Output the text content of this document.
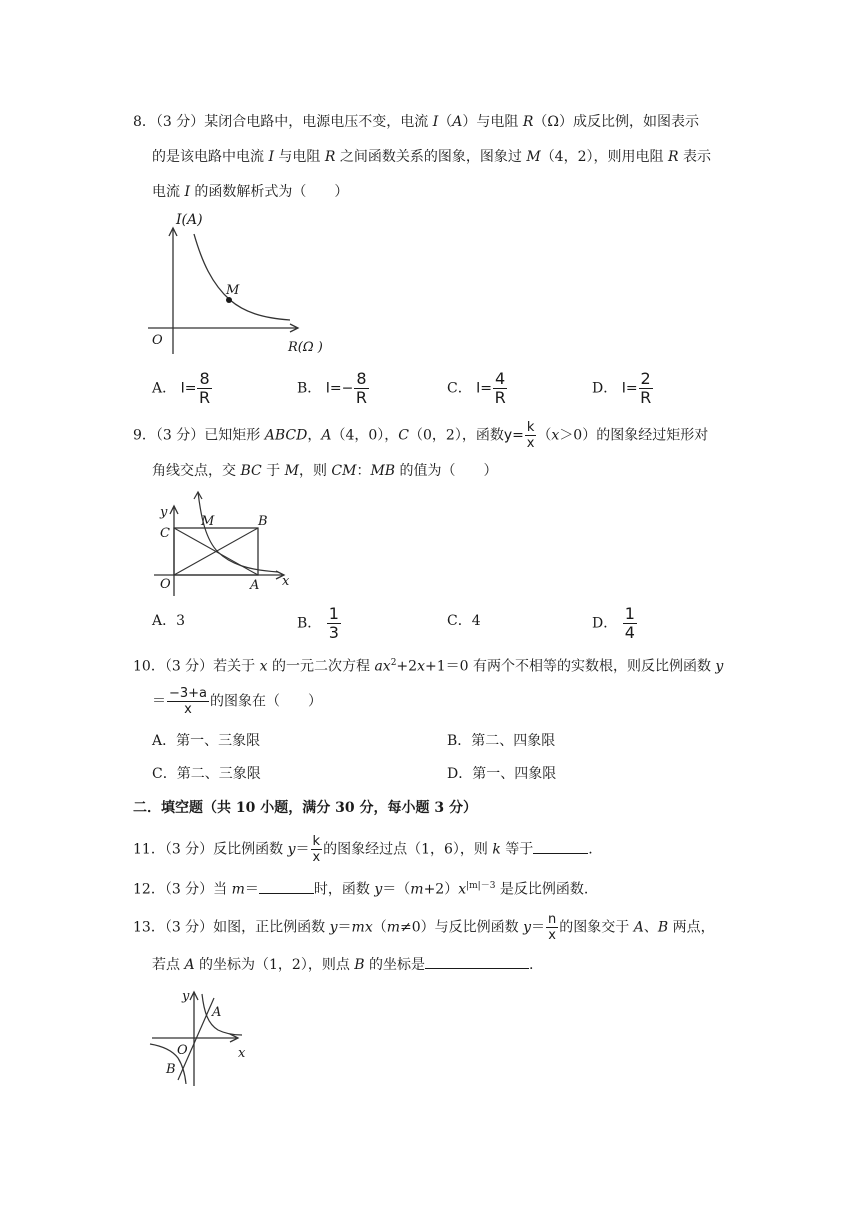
8．（3 分）某闭合电路中，电源电压不变，电流 I（A）与电阻 R（Ω）成反比例，如图表示
的是该电路中电流 I 与电阻 R 之间函数关系的图象，图象过 M（4，2），则用电阻 R 表示
电流 I 的函数解析式为（　　）
I(A)
M
O	R(Ω )
A． $I= \frac{8}{R}$	B． $I=- \frac{8}{R}$	C． $I= \frac{4}{R}$	D． $I= \frac{2}{R}$
9．（3 分）已知矩形 ABCD，A（4，0），C（0，2），函数$y= \frac{k}{x} (x>0)$的图象经过矩形对
角线交点，交 BC 于 M，则 CM：MB 的值为（　　）
y
C
M	B
O	A x
A．3	B． $\frac{1}{3}$	C．4	D． $\frac{1}{4}$
10．（3 分）若关于 x 的一元二次方程 $ax^2+2x+1=0$ 有两个不相等的实数根，则反比例函数 y
＝ $\frac{-3+a}{x}$ 的图象在（　　）
A．第一、三象限	B．第二、四象限
C．第二、三象限	D．第一、四象限
二．填空题（共 10 小题，满分 30 分，每小题 3 分）
11．（3 分）反比例函数 $y= \frac{k}{x}$ 的图象经过点（1，6），则 k 等于	.
12．（3 分）当 m＝	时，函数 $y=(m+2)x^{|m|-3}$ 是反比例函数.
13．（3 分）如图，正比例函数 y＝mx（m≠0）与反比例函数 $y= \frac{n}{x}$ 的图象交于 A、B 两点，
若点 A 的坐标为（1，2），则点 B 的坐标是	.
y
A
O	x
B
